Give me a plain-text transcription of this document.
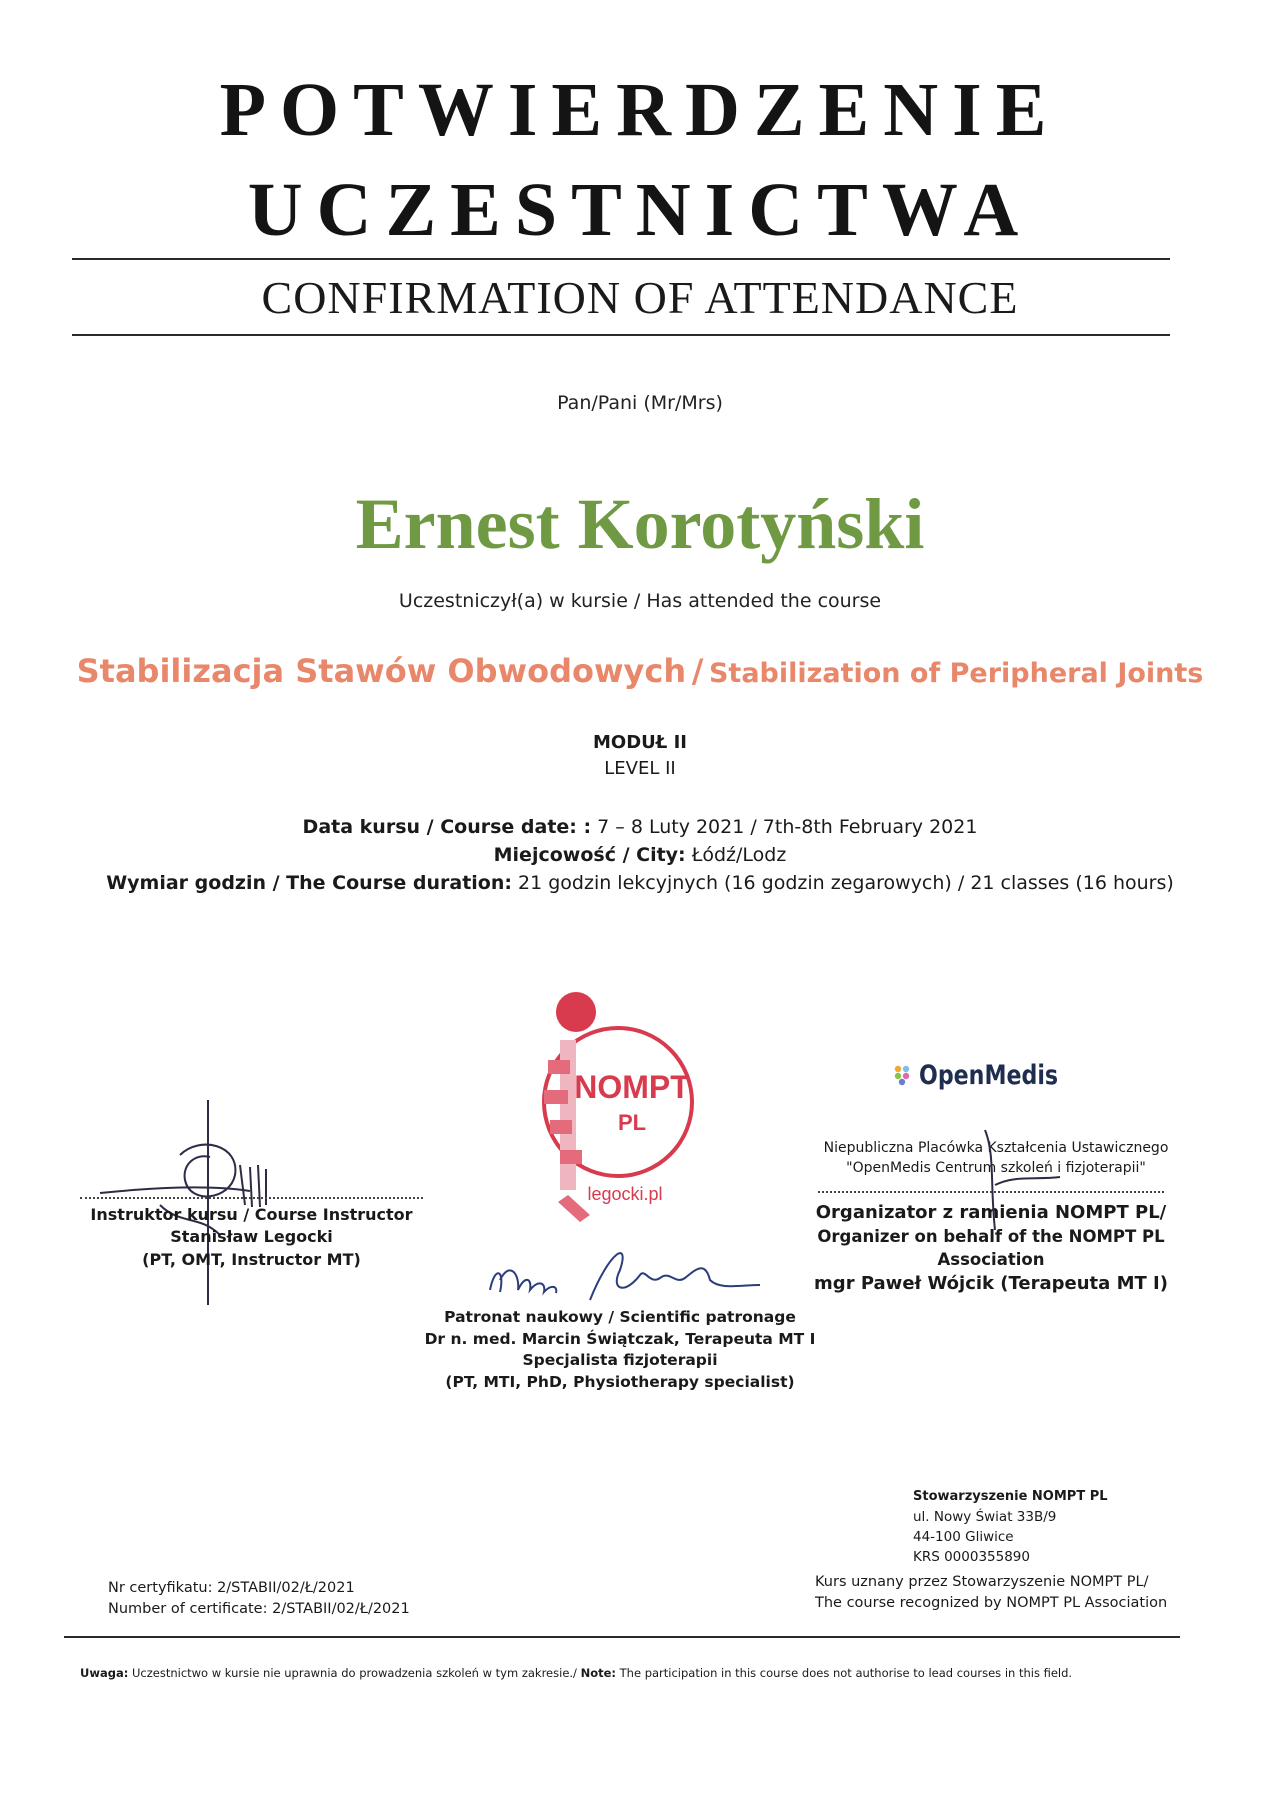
POTWIERDZENIE
UCZESTNICTWA
CONFIRMATION OF ATTENDANCE
Pan/Pani (Mr/Mrs)
Ernest Korotyński
Uczestniczył(a) w kursie / Has attended the course
Stabilizacja Stawów Obwodowych / Stabilization of Peripheral Joints
MODUŁ II
LEVEL II
Data kursu / Course date: : 7 – 8 Luty 2021 / 7th-8th February 2021
Miejcowość / City: Łódź/Lodz
Wymiar godzin / The Course duration: 21 godzin lekcyjnych (16 godzin zegarowych) / 21 classes (16 hours)
NOMPT
PL
legocki.pl
Instruktor kursu / Course Instructor
Stanisław Legocki
(PT, OMT, Instructor MT)
Patronat naukowy / Scientific patronage
Dr n. med. Marcin Świątczak, Terapeuta MT I
Specjalista fizjoterapii
(PT, MTI, PhD, Physiotherapy specialist)
OpenMedis
Niepubliczna Placówka Kształcenia Ustawicznego
"OpenMedis Centrum szkoleń i fizjoterapii"
Organizator z ramienia NOMPT PL/
Organizer on behalf of the NOMPT PL
Association
mgr Paweł Wójcik (Terapeuta MT I)
Stowarzyszenie NOMPT PL
ul. Nowy Świat 33B/9
44-100 Gliwice
KRS 0000355890
Nr certyfikatu: 2/STABII/02/Ł/2021
Number of certificate: 2/STABII/02/Ł/2021
Kurs uznany przez Stowarzyszenie NOMPT PL/
The course recognized by NOMPT PL Association
Uwaga: Uczestnictwo w kursie nie uprawnia do prowadzenia szkoleń w tym zakresie./ Note: The participation in this course does not authorise to lead courses in this field.
